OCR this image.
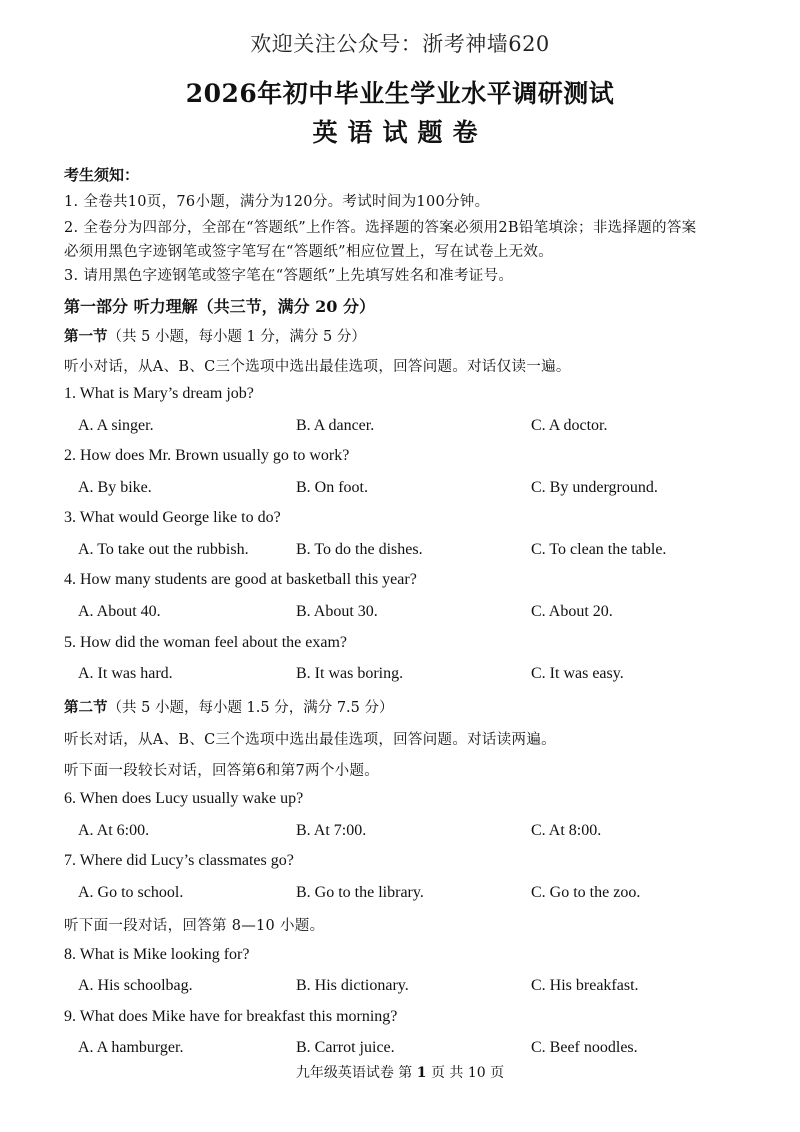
欢迎关注公众号：浙考神墙620
2026年初中毕业生学业水平调研测试
英语试题卷
考生须知：
1. 全卷共10页，76小题，满分为120分。考试时间为100分钟。
2. 全卷分为四部分，全部在“答题纸”上作答。选择题的答案必须用2B铅笔填涂；非选择题的答案
必须用黑色字迹钢笔或签字笔写在“答题纸”相应位置上，写在试卷上无效。
3. 请用黑色字迹钢笔或签字笔在“答题纸”上先填写姓名和准考证号。
第一部分 听力理解（共三节，满分 20 分）
第一节（共 5 小题，每小题 1 分，满分 5 分）
听小对话，从A、B、C三个选项中选出最佳选项，回答问题。对话仅读一遍。
1. What is Mary’s dream job?
A. A singer.	B. A dancer.	C. A doctor.
2. How does Mr. Brown usually go to work?
A. By bike.	B. On foot.	C. By underground.
3. What would George like to do?
A. To take out the rubbish.	B. To do the dishes.	C. To clean the table.
4. How many students are good at basketball this year?
A. About 40.	B. About 30.	C. About 20.
5. How did the woman feel about the exam?
A. It was hard.	B. It was boring.	C. It was easy.
第二节（共 5 小题，每小题 1.5 分，满分 7.5 分）
听长对话，从A、B、C三个选项中选出最佳选项，回答问题。对话读两遍。
听下面一段较长对话，回答第6和第7两个小题。
6. When does Lucy usually wake up?
A. At 6:00.	B. At 7:00.	C. At 8:00.
7. Where did Lucy’s classmates go?
A. Go to school.	B. Go to the library.	C. Go to the zoo.
听下面一段对话，回答第 8—10 小题。
8. What is Mike looking for?
A. His schoolbag.	B. His dictionary.	C. His breakfast.
9. What does Mike have for breakfast this morning?
A. A hamburger.	B. Carrot juice.	C. Beef noodles.
九年级英语试卷 第 1 页 共 10 页
